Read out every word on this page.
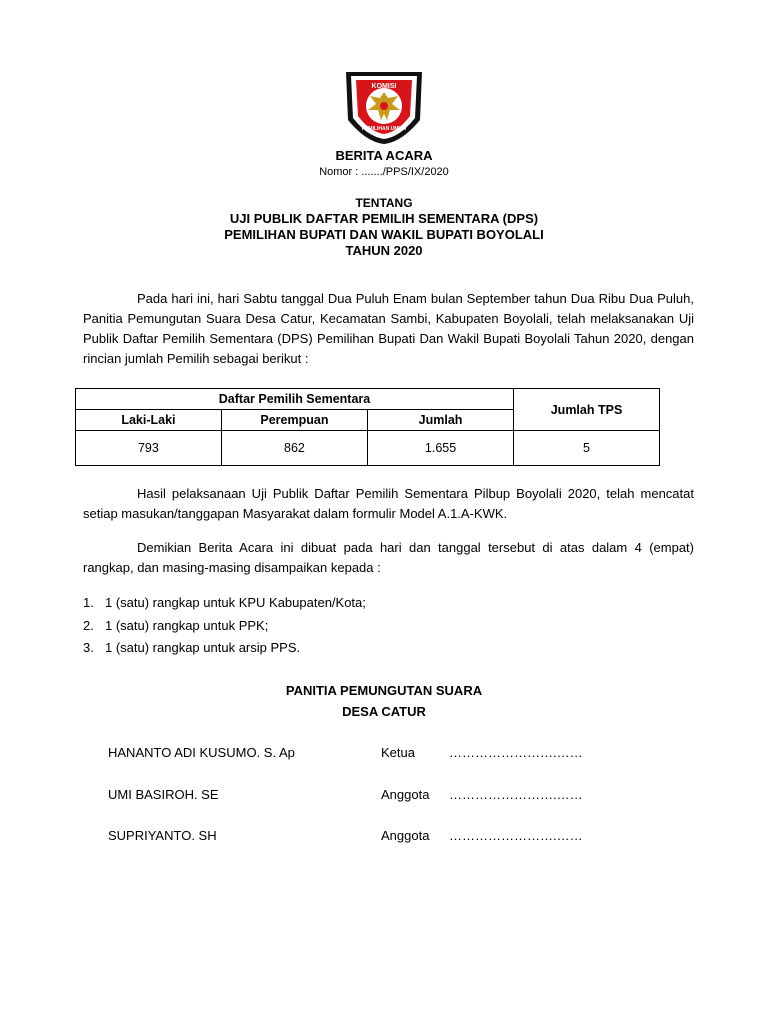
KOMISI
PEMILIHAN UMUM
BERITA ACARA
Nomor : ......./PPS/IX/2020
TENTANG
UJI PUBLIK DAFTAR PEMILIH SEMENTARA (DPS)
PEMILIHAN BUPATI DAN WAKIL BUPATI BOYOLALI
TAHUN 2020
Pada hari ini, hari Sabtu tanggal Dua Puluh Enam bulan September tahun Dua Ribu Dua Puluh, Panitia Pemungutan Suara Desa Catur, Kecamatan Sambi, Kabupaten Boyolali, telah melaksanakan Uji Publik Daftar Pemilih Sementara (DPS) Pemilihan Bupati Dan Wakil Bupati Boyolali Tahun 2020, dengan rincian jumlah Pemilih sebagai berikut :
Daftar Pemilih Sementara			Jumlah TPS
Laki-Laki	Perempuan	Jumlah	
793	862	1.655	5
Hasil pelaksanaan Uji Publik Daftar Pemilih Sementara Pilbup Boyolali 2020, telah mencatat setiap masukan/tanggapan Masyarakat dalam formulir Model A.1.A-KWK.
Demikian Berita Acara ini dibuat pada hari dan tanggal tersebut di atas dalam 4 (empat) rangkap, dan masing-masing disampaikan kepada :
1. 1 (satu) rangkap untuk KPU Kabupaten/Kota;
2. 1 (satu) rangkap untuk PPK;
3. 1 (satu) rangkap untuk arsip PPS.
PANITIA PEMUNGUTAN SUARA
DESA CATUR
HANANTO ADI KUSUMO. S. Ap	Ketua	…………………….……
UMI BASIROH. SE	Anggota …………………….……
SUPRIYANTO. SH	Anggota …………………….……
